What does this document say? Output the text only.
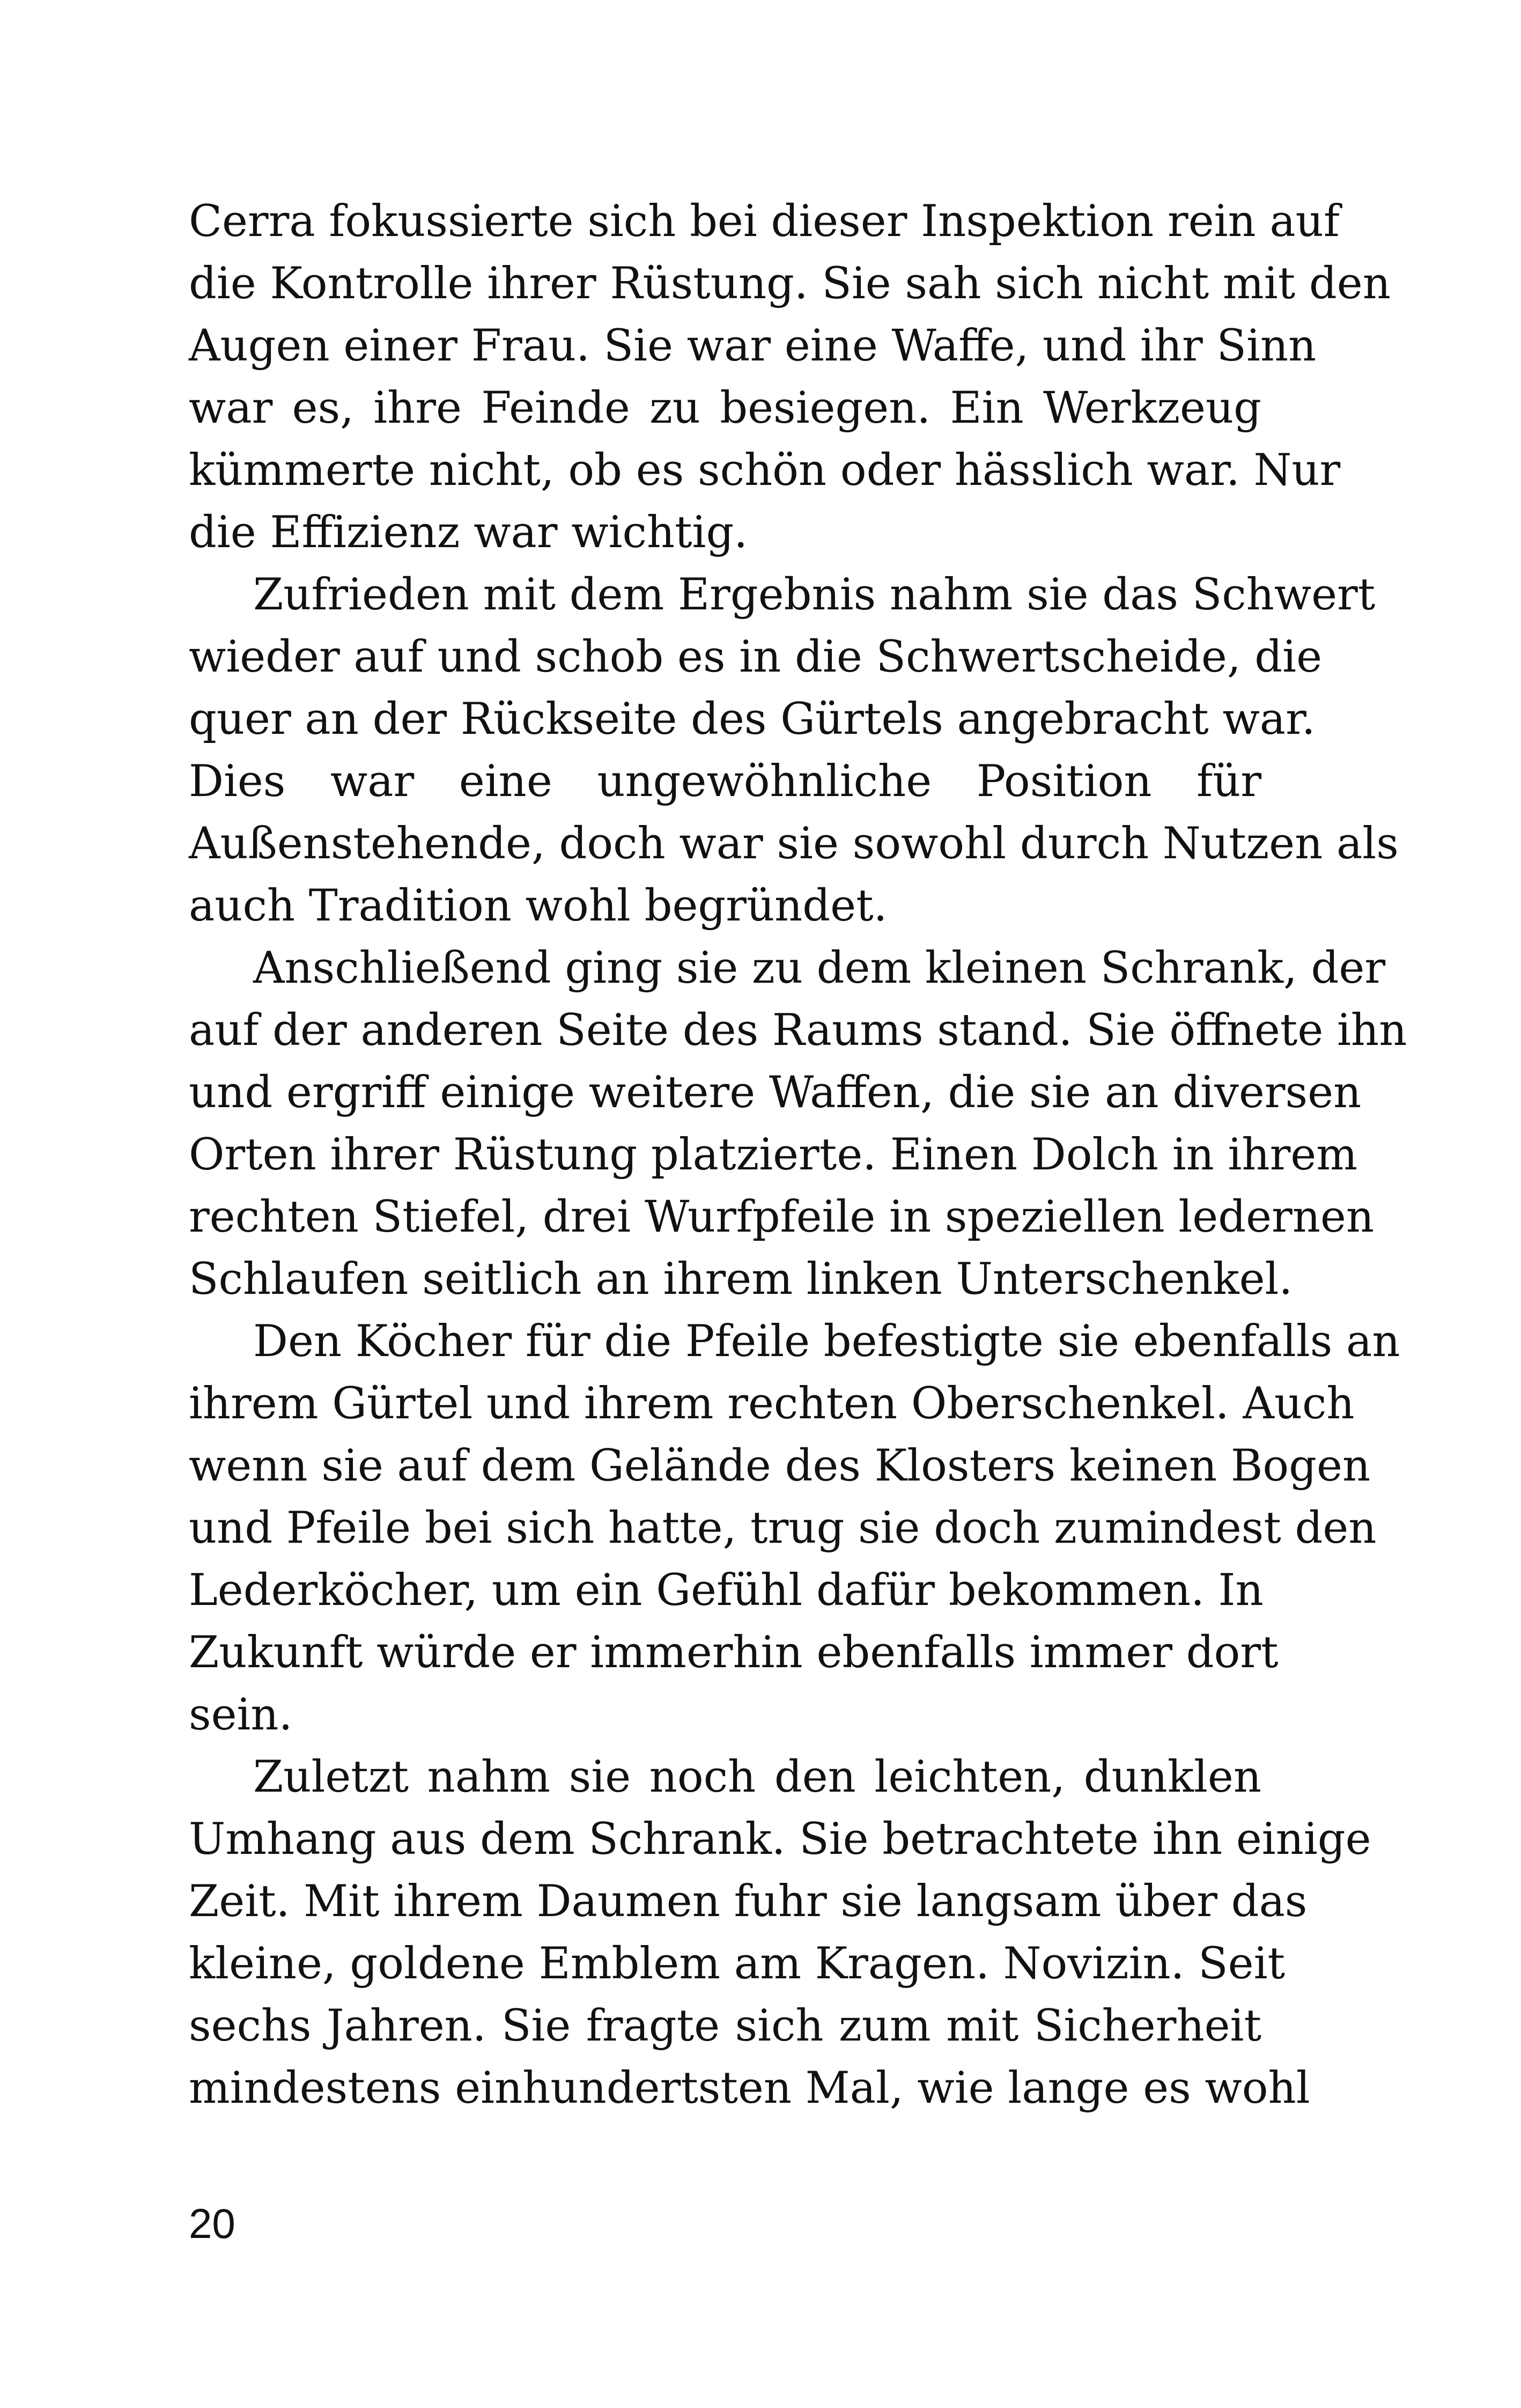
Cerra fokussierte sich bei dieser Inspektion rein auf
die Kontrolle ihrer Rüstung. Sie sah sich nicht mit den
Augen einer Frau. Sie war eine Waffe, und ihr Sinn
war es, ihre Feinde zu besiegen. Ein Werkzeug
kümmerte nicht, ob es schön oder hässlich war. Nur
die Effizienz war wichtig.
Zufrieden mit dem Ergebnis nahm sie das Schwert
wieder auf und schob es in die Schwertscheide, die
quer an der Rückseite des Gürtels angebracht war.
Dies war eine ungewöhnliche Position für
Außenstehende, doch war sie sowohl durch Nutzen als
auch Tradition wohl begründet.
Anschließend ging sie zu dem kleinen Schrank, der
auf der anderen Seite des Raums stand. Sie öffnete ihn
und ergriff einige weitere Waffen, die sie an diversen
Orten ihrer Rüstung platzierte. Einen Dolch in ihrem
rechten Stiefel, drei Wurfpfeile in speziellen ledernen
Schlaufen seitlich an ihrem linken Unterschenkel.
Den Köcher für die Pfeile befestigte sie ebenfalls an
ihrem Gürtel und ihrem rechten Oberschenkel. Auch
wenn sie auf dem Gelände des Klosters keinen Bogen
und Pfeile bei sich hatte, trug sie doch zumindest den
Lederköcher, um ein Gefühl dafür bekommen. In
Zukunft würde er immerhin ebenfalls immer dort
sein.
Zuletzt nahm sie noch den leichten, dunklen
Umhang aus dem Schrank. Sie betrachtete ihn einige
Zeit. Mit ihrem Daumen fuhr sie langsam über das
kleine, goldene Emblem am Kragen. Novizin. Seit
sechs Jahren. Sie fragte sich zum mit Sicherheit
mindestens einhundertsten Mal, wie lange es wohl
20
